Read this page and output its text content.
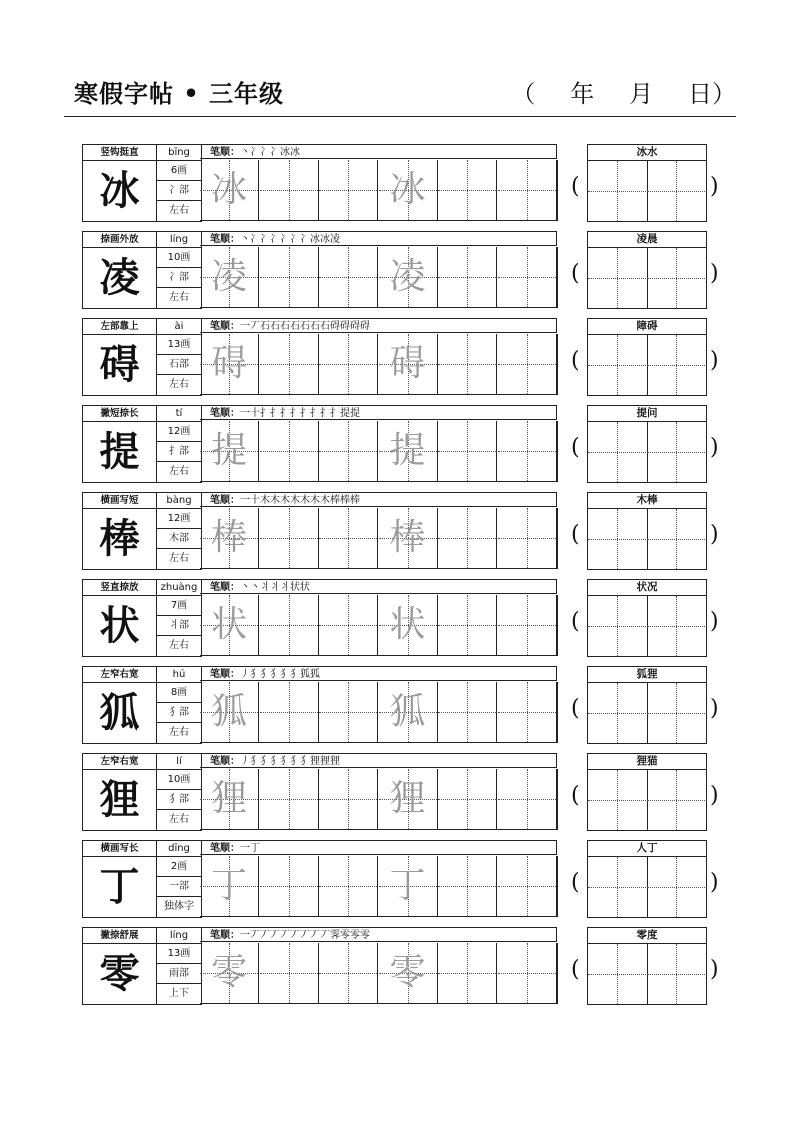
寒假字帖 • 三年级	（   年   月   日）
竖钩挺直
冰
bīng
6画
冫部
左右
笔顺：丶冫冫冫冰冰
冰	冰	(
冰水
)
捺画外放
凌
líng
10画
冫部
左右
笔顺：丶冫冫冫冫冫冫冰冰凌
凌	凌	(
凌晨
)
左部靠上
碍
ài
13画
石部
左右
笔顺：一丆石石石石石石石碍碍碍碍
碍	碍	(
障碍
)
撇短捺长
提
tí
12画
扌部
左右
笔顺：一十扌扌扌扌扌扌扌扌提提
提	提	(
提问
)
横画写短
棒
bàng
12画
木部
左右
笔顺：一十木木木木木木木棒棒棒
棒	棒	(
木棒
)
竖直捺放
状
zhuàng
7画
丬部
左右
笔顺：丶丶丬丬丬状状
状	状	(
状况
)
左窄右宽
狐
hú
8画
犭部
左右
笔顺：丿犭犭犭犭犭狐狐
狐	狐	(
狐狸
)
左窄右宽
狸
lí
10画
犭部
左右
笔顺：丿犭犭犭犭犭犭狸狸狸
狸	狸	(
狸猫
)
横画写长
丁
dīng
2画
一部
独体字
笔顺：一丁
丁	丁	(
人丁
)
撇捺舒展
零
líng
13画
雨部
上下
笔顺：一丆丆丆丆丆丆丆丆霁零零零
零	零	(
零度
)
